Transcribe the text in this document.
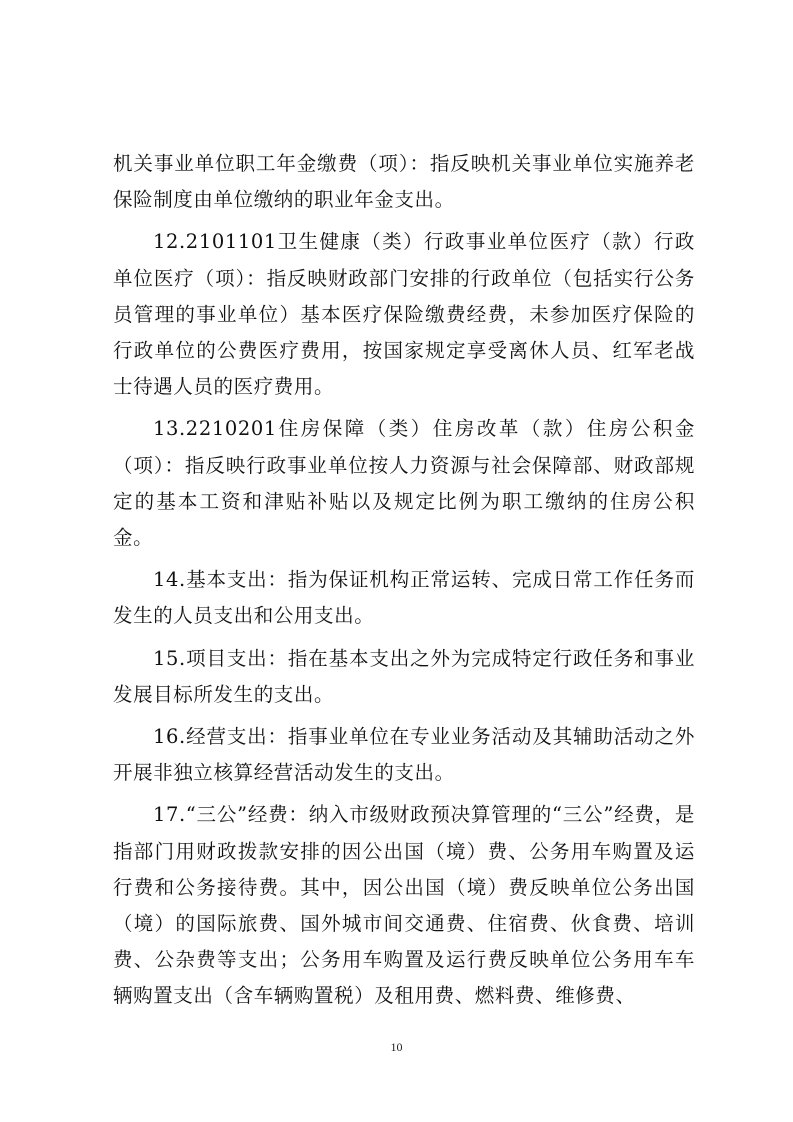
机关事业单位职工年金缴费（项）：指反映机关事业单位实施养老保险制度由单位缴纳的职业年金支出。

12.2101101卫生健康（类）行政事业单位医疗（款）行政单位医疗（项）：指反映财政部门安排的行政单位（包括实行公务员管理的事业单位）基本医疗保险缴费经费，未参加医疗保险的行政单位的公费医疗费用，按国家规定享受离休人员、红军老战士待遇人员的医疗费用。

13.2210201住房保障（类）住房改革（款）住房公积金（项）：指反映行政事业单位按人力资源与社会保障部、财政部规定的基本工资和津贴补贴以及规定比例为职工缴纳的住房公积金。

14.基本支出：指为保证机构正常运转、完成日常工作任务而发生的人员支出和公用支出。

15.项目支出：指在基本支出之外为完成特定行政任务和事业发展目标所发生的支出。

16.经营支出：指事业单位在专业业务活动及其辅助活动之外开展非独立核算经营活动发生的支出。

17.“三公”经费：纳入市级财政预决算管理的“三公”经费，是指部门用财政拨款安排的因公出国（境）费、公务用车购置及运行费和公务接待费。其中，因公出国（境）费反映单位公务出国（境）的国际旅费、国外城市间交通费、住宿费、伙食费、培训费、公杂费等支出；公务用车购置及运行费反映单位公务用车车辆购置支出（含车辆购置税）及租用费、燃料费、维修费、

10
